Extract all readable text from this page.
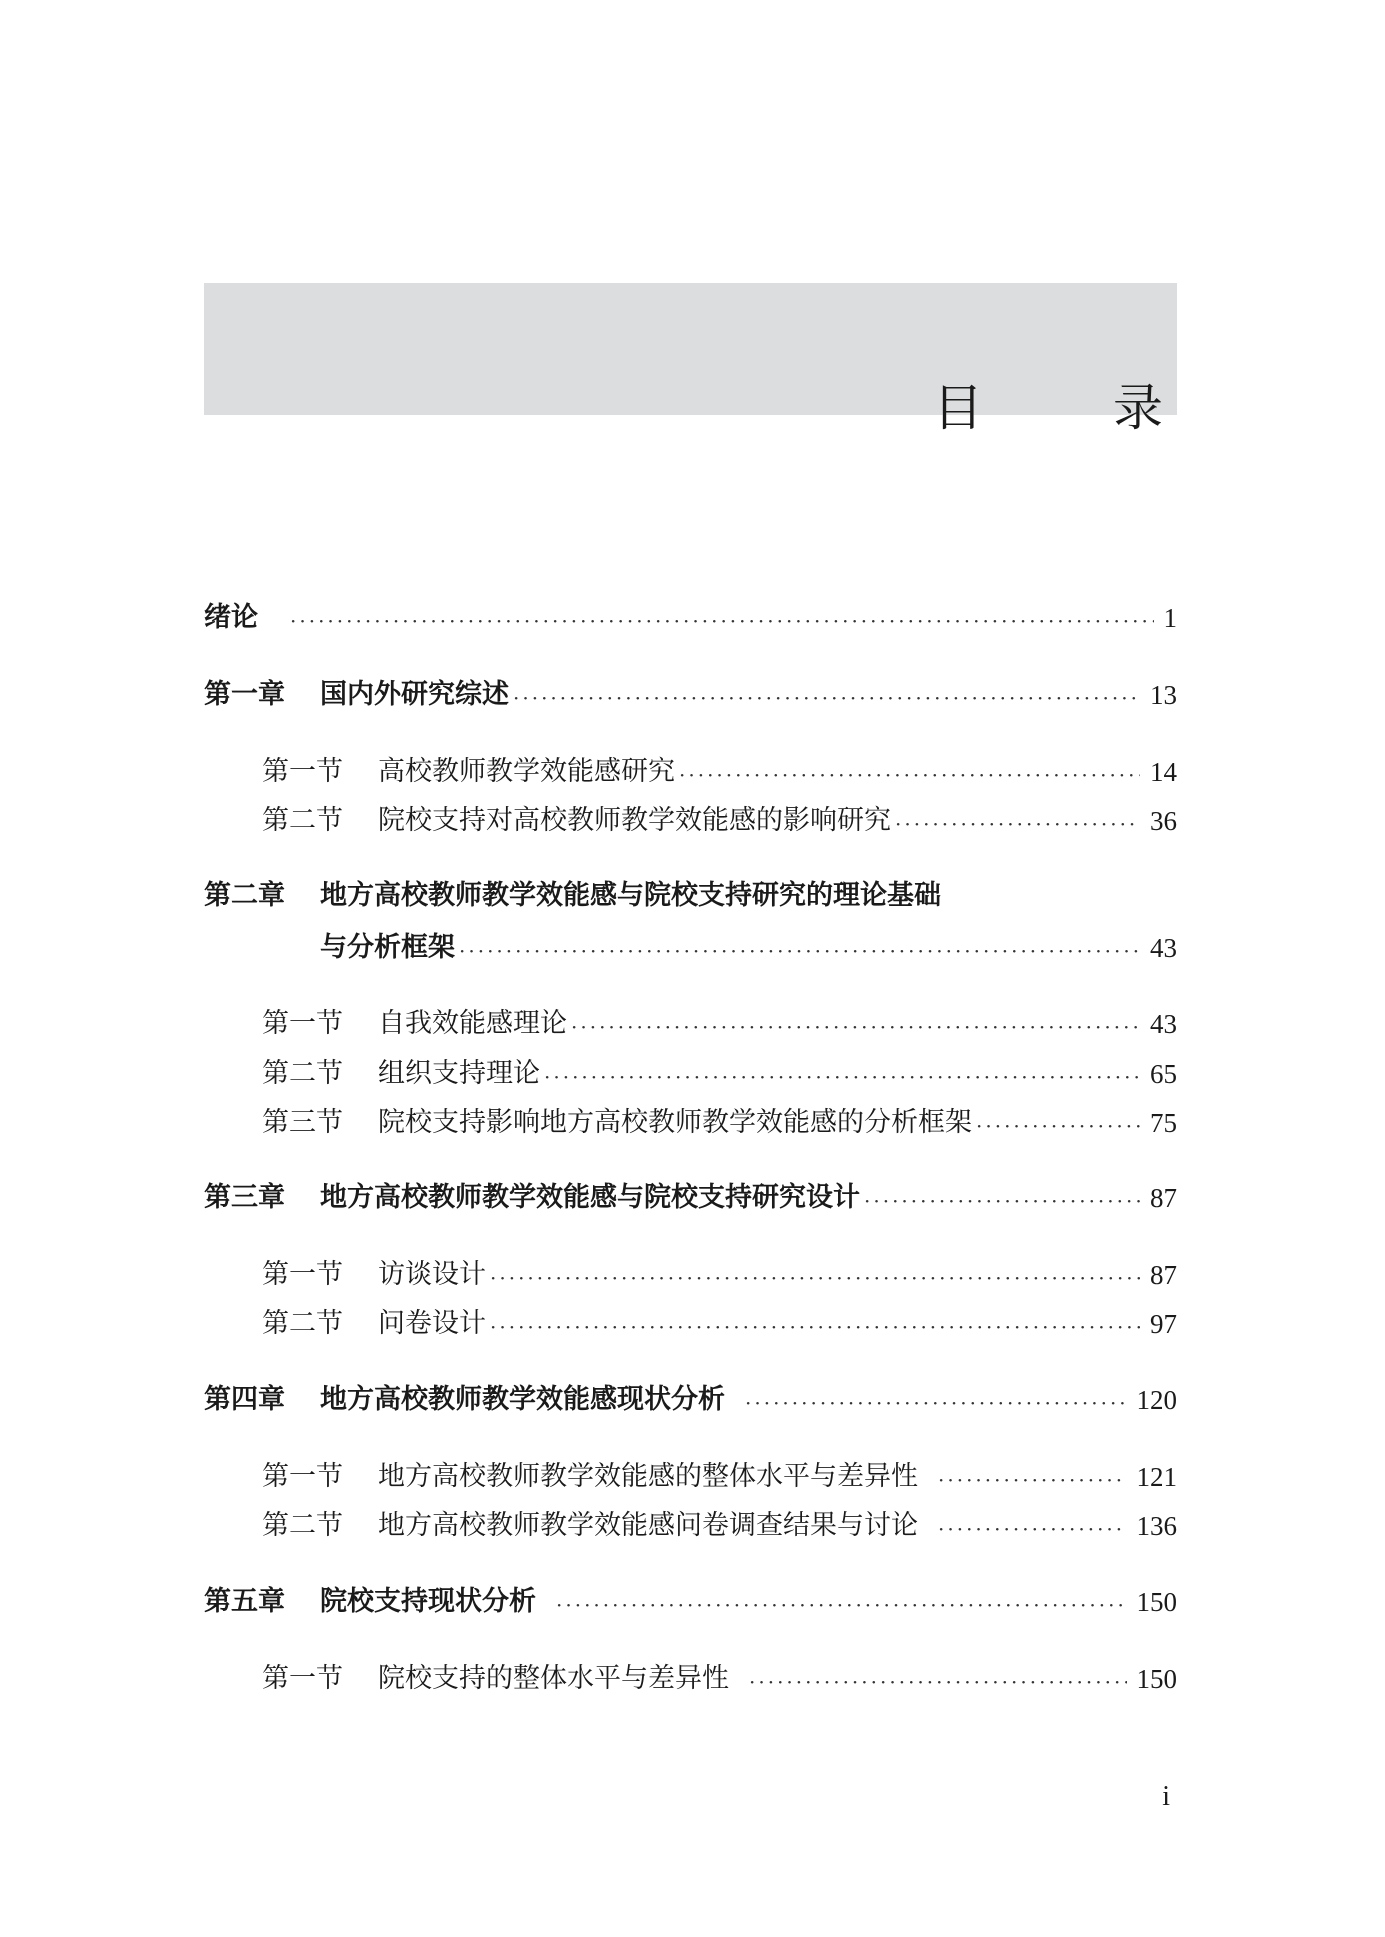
目　录
绪论 ·····	1
第一章	国内外研究综述 ·····	13
第一节	高校教师教学效能感研究 ·····	14
第二节	院校支持对高校教师教学效能感的影响研究 ·····	36
第二章	地方高校教师教学效能感与院校支持研究的理论基础
与分析框架 ·····	43
第一节	自我效能感理论 ·····	43
第二节	组织支持理论 ·····	65
第三节	院校支持影响地方高校教师教学效能感的分析框架 ·····	75
第三章	地方高校教师教学效能感与院校支持研究设计 ·····	87
第一节	访谈设计 ·····	87
第二节	问卷设计 ·····	97
第四章	地方高校教师教学效能感现状分析 ·····	120
第一节	地方高校教师教学效能感的整体水平与差异性 ·····	121
第二节	地方高校教师教学效能感问卷调查结果与讨论 ·····	136
第五章	院校支持现状分析 ·····	150
第一节	院校支持的整体水平与差异性 ·····	150
i
